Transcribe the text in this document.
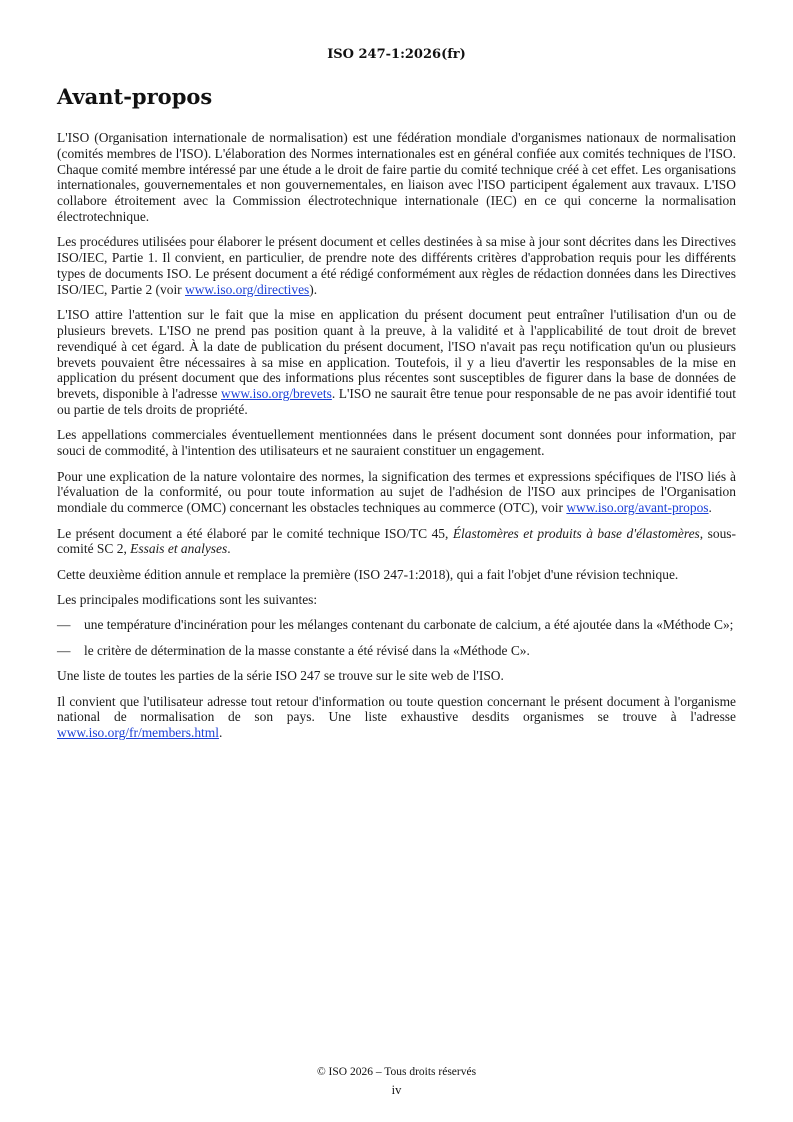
ISO 247-1:2026(fr)
Avant-propos

L'ISO (Organisation internationale de normalisation) est une fédération mondiale d'organismes nationaux de normalisation (comités membres de l'ISO). L'élaboration des Normes internationales est en général confiée aux comités techniques de l'ISO. Chaque comité membre intéressé par une étude a le droit de faire partie du comité technique créé à cet effet. Les organisations internationales, gouvernementales et non gouvernementales, en liaison avec l'ISO participent également aux travaux. L'ISO collabore étroitement avec la Commission électrotechnique internationale (IEC) en ce qui concerne la normalisation électrotechnique.

Les procédures utilisées pour élaborer le présent document et celles destinées à sa mise à jour sont décrites dans les Directives ISO/IEC, Partie 1. Il convient, en particulier, de prendre note des différents critères d'approbation requis pour les différents types de documents ISO. Le présent document a été rédigé conformément aux règles de rédaction données dans les Directives ISO/IEC, Partie 2 (voir www.iso.org/directives).

L'ISO attire l'attention sur le fait que la mise en application du présent document peut entraîner l'utilisation d'un ou de plusieurs brevets. L'ISO ne prend pas position quant à la preuve, à la validité et à l'applicabilité de tout droit de brevet revendiqué à cet égard. À la date de publication du présent document, l'ISO n'avait pas reçu notification qu'un ou plusieurs brevets pouvaient être nécessaires à sa mise en application. Toutefois, il y a lieu d'avertir les responsables de la mise en application du présent document que des informations plus récentes sont susceptibles de figurer dans la base de données de brevets, disponible à l'adresse www.iso.org/brevets. L'ISO ne saurait être tenue pour responsable de ne pas avoir identifié tout ou partie de tels droits de propriété.

Les appellations commerciales éventuellement mentionnées dans le présent document sont données pour information, par souci de commodité, à l'intention des utilisateurs et ne sauraient constituer un engagement.

Pour une explication de la nature volontaire des normes, la signification des termes et expressions spécifiques de l'ISO liés à l'évaluation de la conformité, ou pour toute information au sujet de l'adhésion de l'ISO aux principes de l'Organisation mondiale du commerce (OMC) concernant les obstacles techniques au commerce (OTC), voir www.iso.org/avant-propos.

Le présent document a été élaboré par le comité technique ISO/TC 45, Élastomères et produits à base d'élastomères, sous-comité SC 2, Essais et analyses.

Cette deuxième édition annule et remplace la première (ISO 247-1:2018), qui a fait l'objet d'une révision technique.

Les principales modifications sont les suivantes:

— une température d'incinération pour les mélanges contenant du carbonate de calcium, a été ajoutée dans la «Méthode C»;
— le critère de détermination de la masse constante a été révisé dans la «Méthode C».

Une liste de toutes les parties de la série ISO 247 se trouve sur le site web de l'ISO.

Il convient que l'utilisateur adresse tout retour d'information ou toute question concernant le présent document à l'organisme national de normalisation de son pays. Une liste exhaustive desdits organismes se trouve à l'adresse www.iso.org/fr/members.html.

© ISO 2026 – Tous droits réservés
iv
